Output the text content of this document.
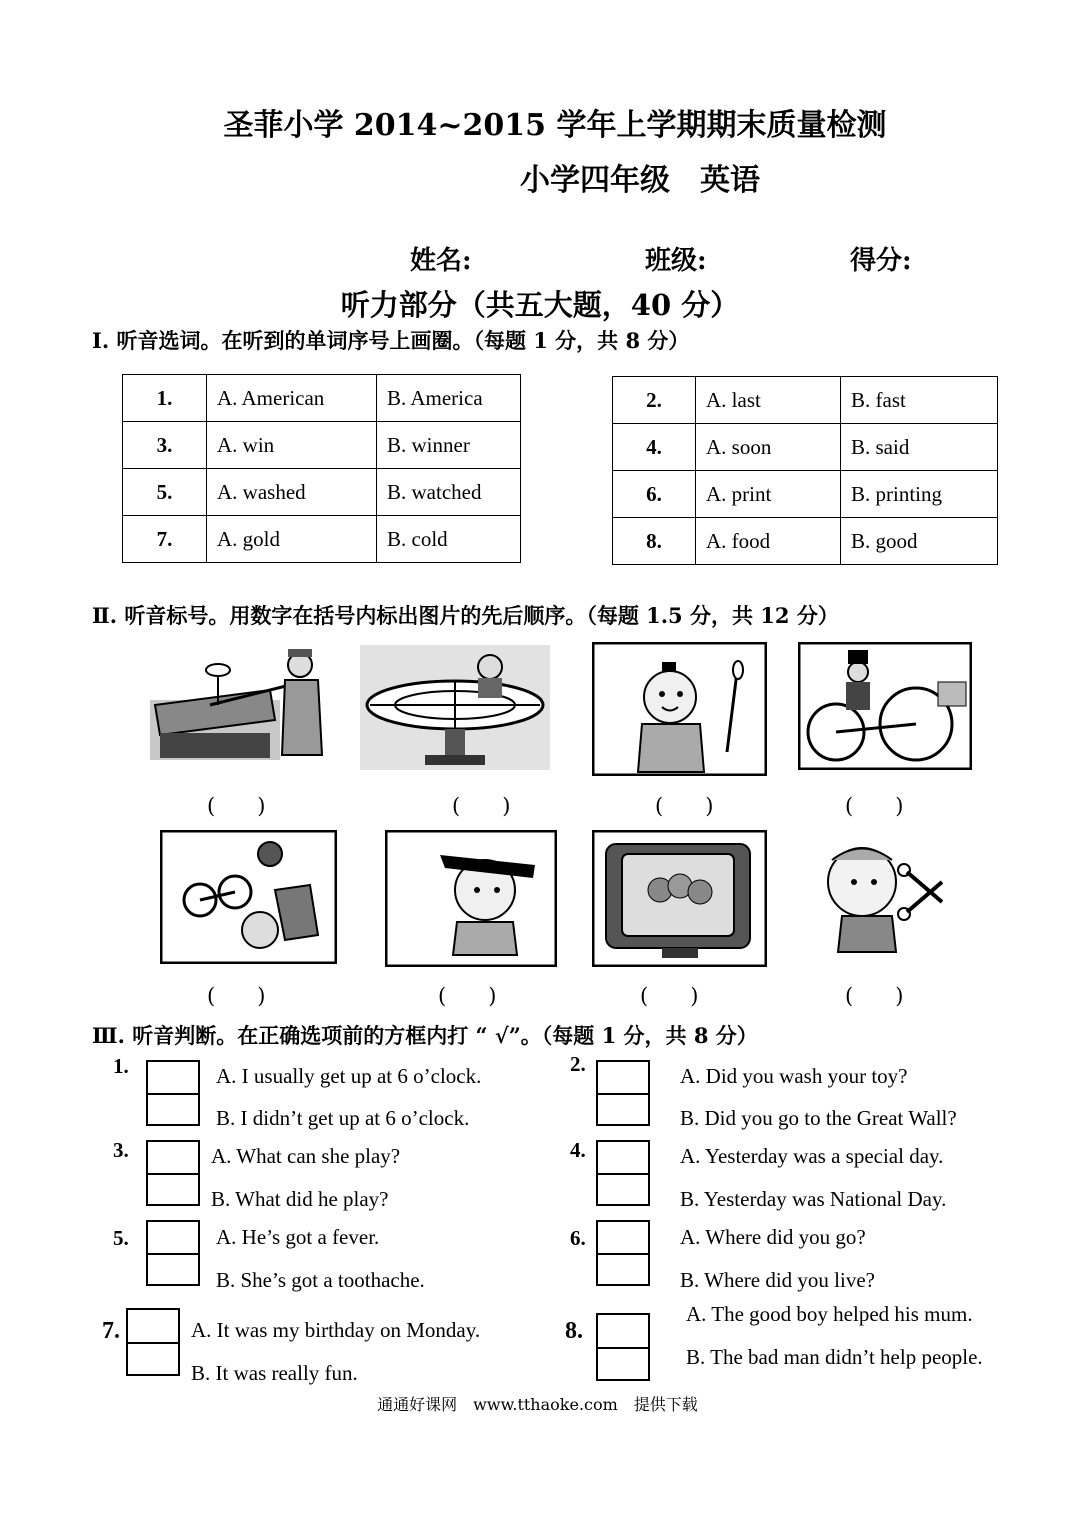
圣菲小学 2014~2015 学年上学期期末质量检测
小学四年级　英语
姓名:	班级:	得分:
听力部分（共五大题，40 分）
Ⅰ. 听音选词。在听到的单词序号上画圈。（每题 1 分，共 8 分）
1.	A. American	B. America
3.	A. win	B. winner
5.	A. washed	B. watched
7.	A. gold	B. cold
2.	A. last	B. fast
4.	A. soon	B. said
6.	A. print	B. printing
8.	A. food	B. good
Ⅱ. 听音标号。用数字在括号内标出图片的先后顺序。（每题 1.5 分，共 12 分）
(　　)	(　　)	(　　)	(　　)
(　　)	(　　)	(　　)	(　　)
Ⅲ. 听音判断。在正确选项前的方框内打 “ √”。（每题 1 分，共 8 分）
1.	A. I usually get up at 6 o’clock.
B. I didn’t get up at 6 o’clock.
2.	A. Did you wash your toy?
B. Did you go to the Great Wall?
3.	A. What can she play?
B. What did he play?
4.	A. Yesterday was a special day.
B. Yesterday was National Day.
5.	A. He’s got a fever.
B. She’s got a toothache.
6.	A. Where did you go?
B. Where did you live?
7.	A. It was my birthday on Monday.
B. It was really fun.
8.
A. The good boy helped his mum.
B. The bad man didn’t help people.
通通好课网　www.tthaoke.com　提供下载
